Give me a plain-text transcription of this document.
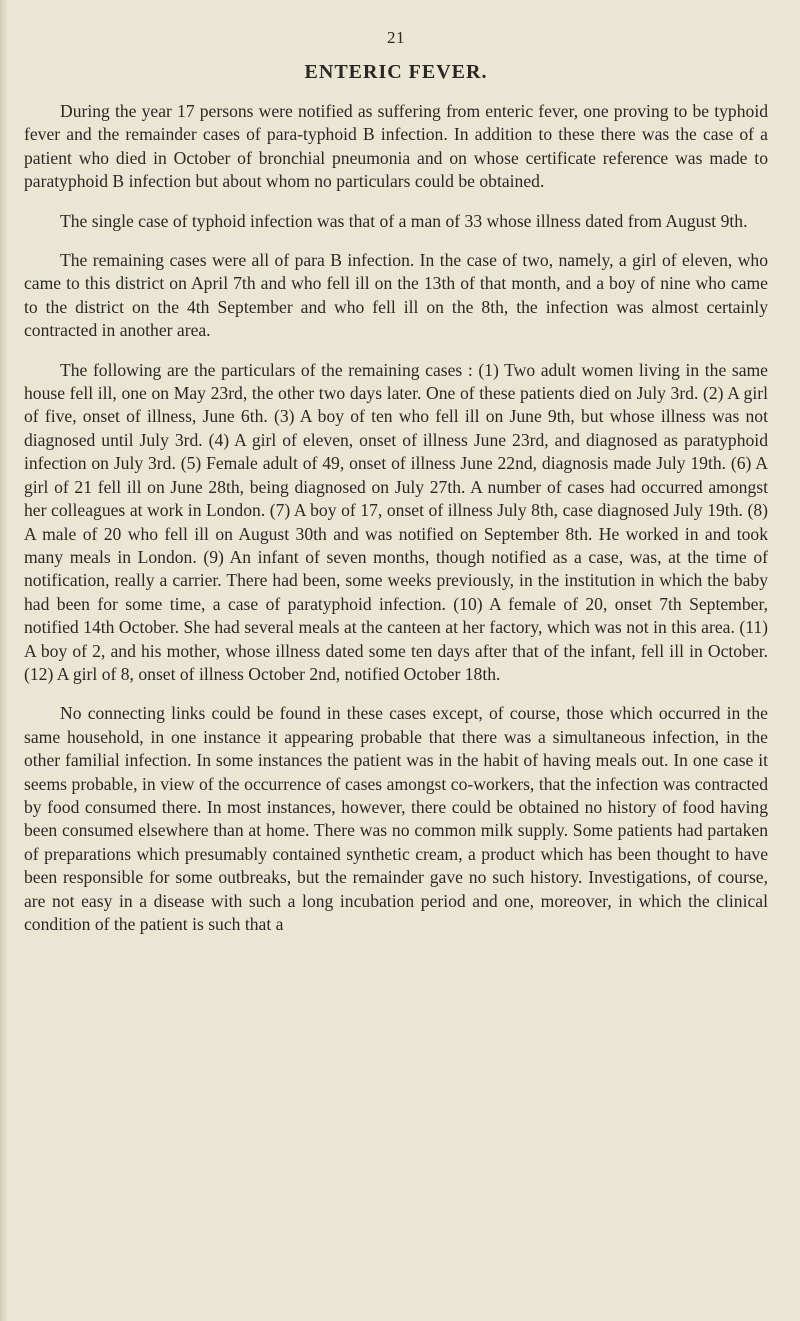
21
ENTERIC FEVER.

During the year 17 persons were notified as suffering from enteric fever, one proving to be typhoid fever and the remainder cases of para-typhoid B infection. In addition to these there was the case of a patient who died in October of bronchial pneumonia and on whose certificate reference was made to paratyphoid B infection but about whom no particulars could be obtained.

The single case of typhoid infection was that of a man of 33 whose illness dated from August 9th.

The remaining cases were all of para B infection. In the case of two, namely, a girl of eleven, who came to this district on April 7th and who fell ill on the 13th of that month, and a boy of nine who came to the district on the 4th September and who fell ill on the 8th, the infection was almost certainly contracted in another area.

The following are the particulars of the remaining cases : (1) Two adult women living in the same house fell ill, one on May 23rd, the other two days later. One of these patients died on July 3rd. (2) A girl of five, onset of illness, June 6th. (3) A boy of ten who fell ill on June 9th, but whose illness was not diagnosed until July 3rd. (4) A girl of eleven, onset of illness June 23rd, and diagnosed as paratyphoid infection on July 3rd. (5) Female adult of 49, onset of illness June 22nd, diagnosis made July 19th. (6) A girl of 21 fell ill on June 28th, being diagnosed on July 27th. A number of cases had occurred amongst her colleagues at work in London. (7) A boy of 17, onset of illness July 8th, case diagnosed July 19th. (8) A male of 20 who fell ill on August 30th and was notified on September 8th. He worked in and took many meals in London. (9) An infant of seven months, though notified as a case, was, at the time of notification, really a carrier. There had been, some weeks previously, in the institution in which the baby had been for some time, a case of paratyphoid infection. (10) A female of 20, onset 7th September, notified 14th October. She had several meals at the canteen at her factory, which was not in this area. (11) A boy of 2, and his mother, whose illness dated some ten days after that of the infant, fell ill in October. (12) A girl of 8, onset of illness October 2nd, notified October 18th.

No connecting links could be found in these cases except, of course, those which occurred in the same household, in one instance it appearing probable that there was a simultaneous infection, in the other familial infection. In some instances the patient was in the habit of having meals out. In one case it seems probable, in view of the occurrence of cases amongst co-workers, that the infection was contracted by food consumed there. In most instances, however, there could be obtained no history of food having been consumed elsewhere than at home. There was no common milk supply. Some patients had partaken of preparations which presumably contained synthetic cream, a product which has been thought to have been responsible for some outbreaks, but the remainder gave no such history. Investigations, of course, are not easy in a disease with such a long incubation period and one, moreover, in which the clinical condition of the patient is such that a
